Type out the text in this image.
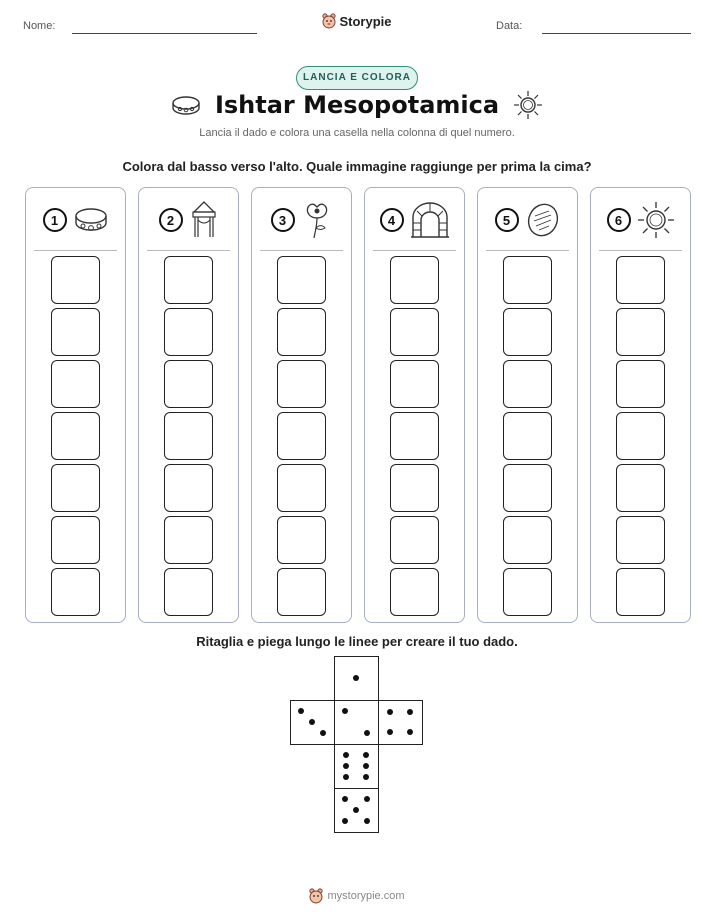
Nome:	Data:
Storypie
LANCIA E COLORA
Ishtar Mesopotamica
Lancia il dado e colora una casella nella colonna di quel numero.
Colora dal basso verso l'alto. Quale immagine raggiunge per prima la cima?
1	2	3	4	5	6
Ritaglia e piega lungo le linee per creare il tuo dado.
mystorypie.com
